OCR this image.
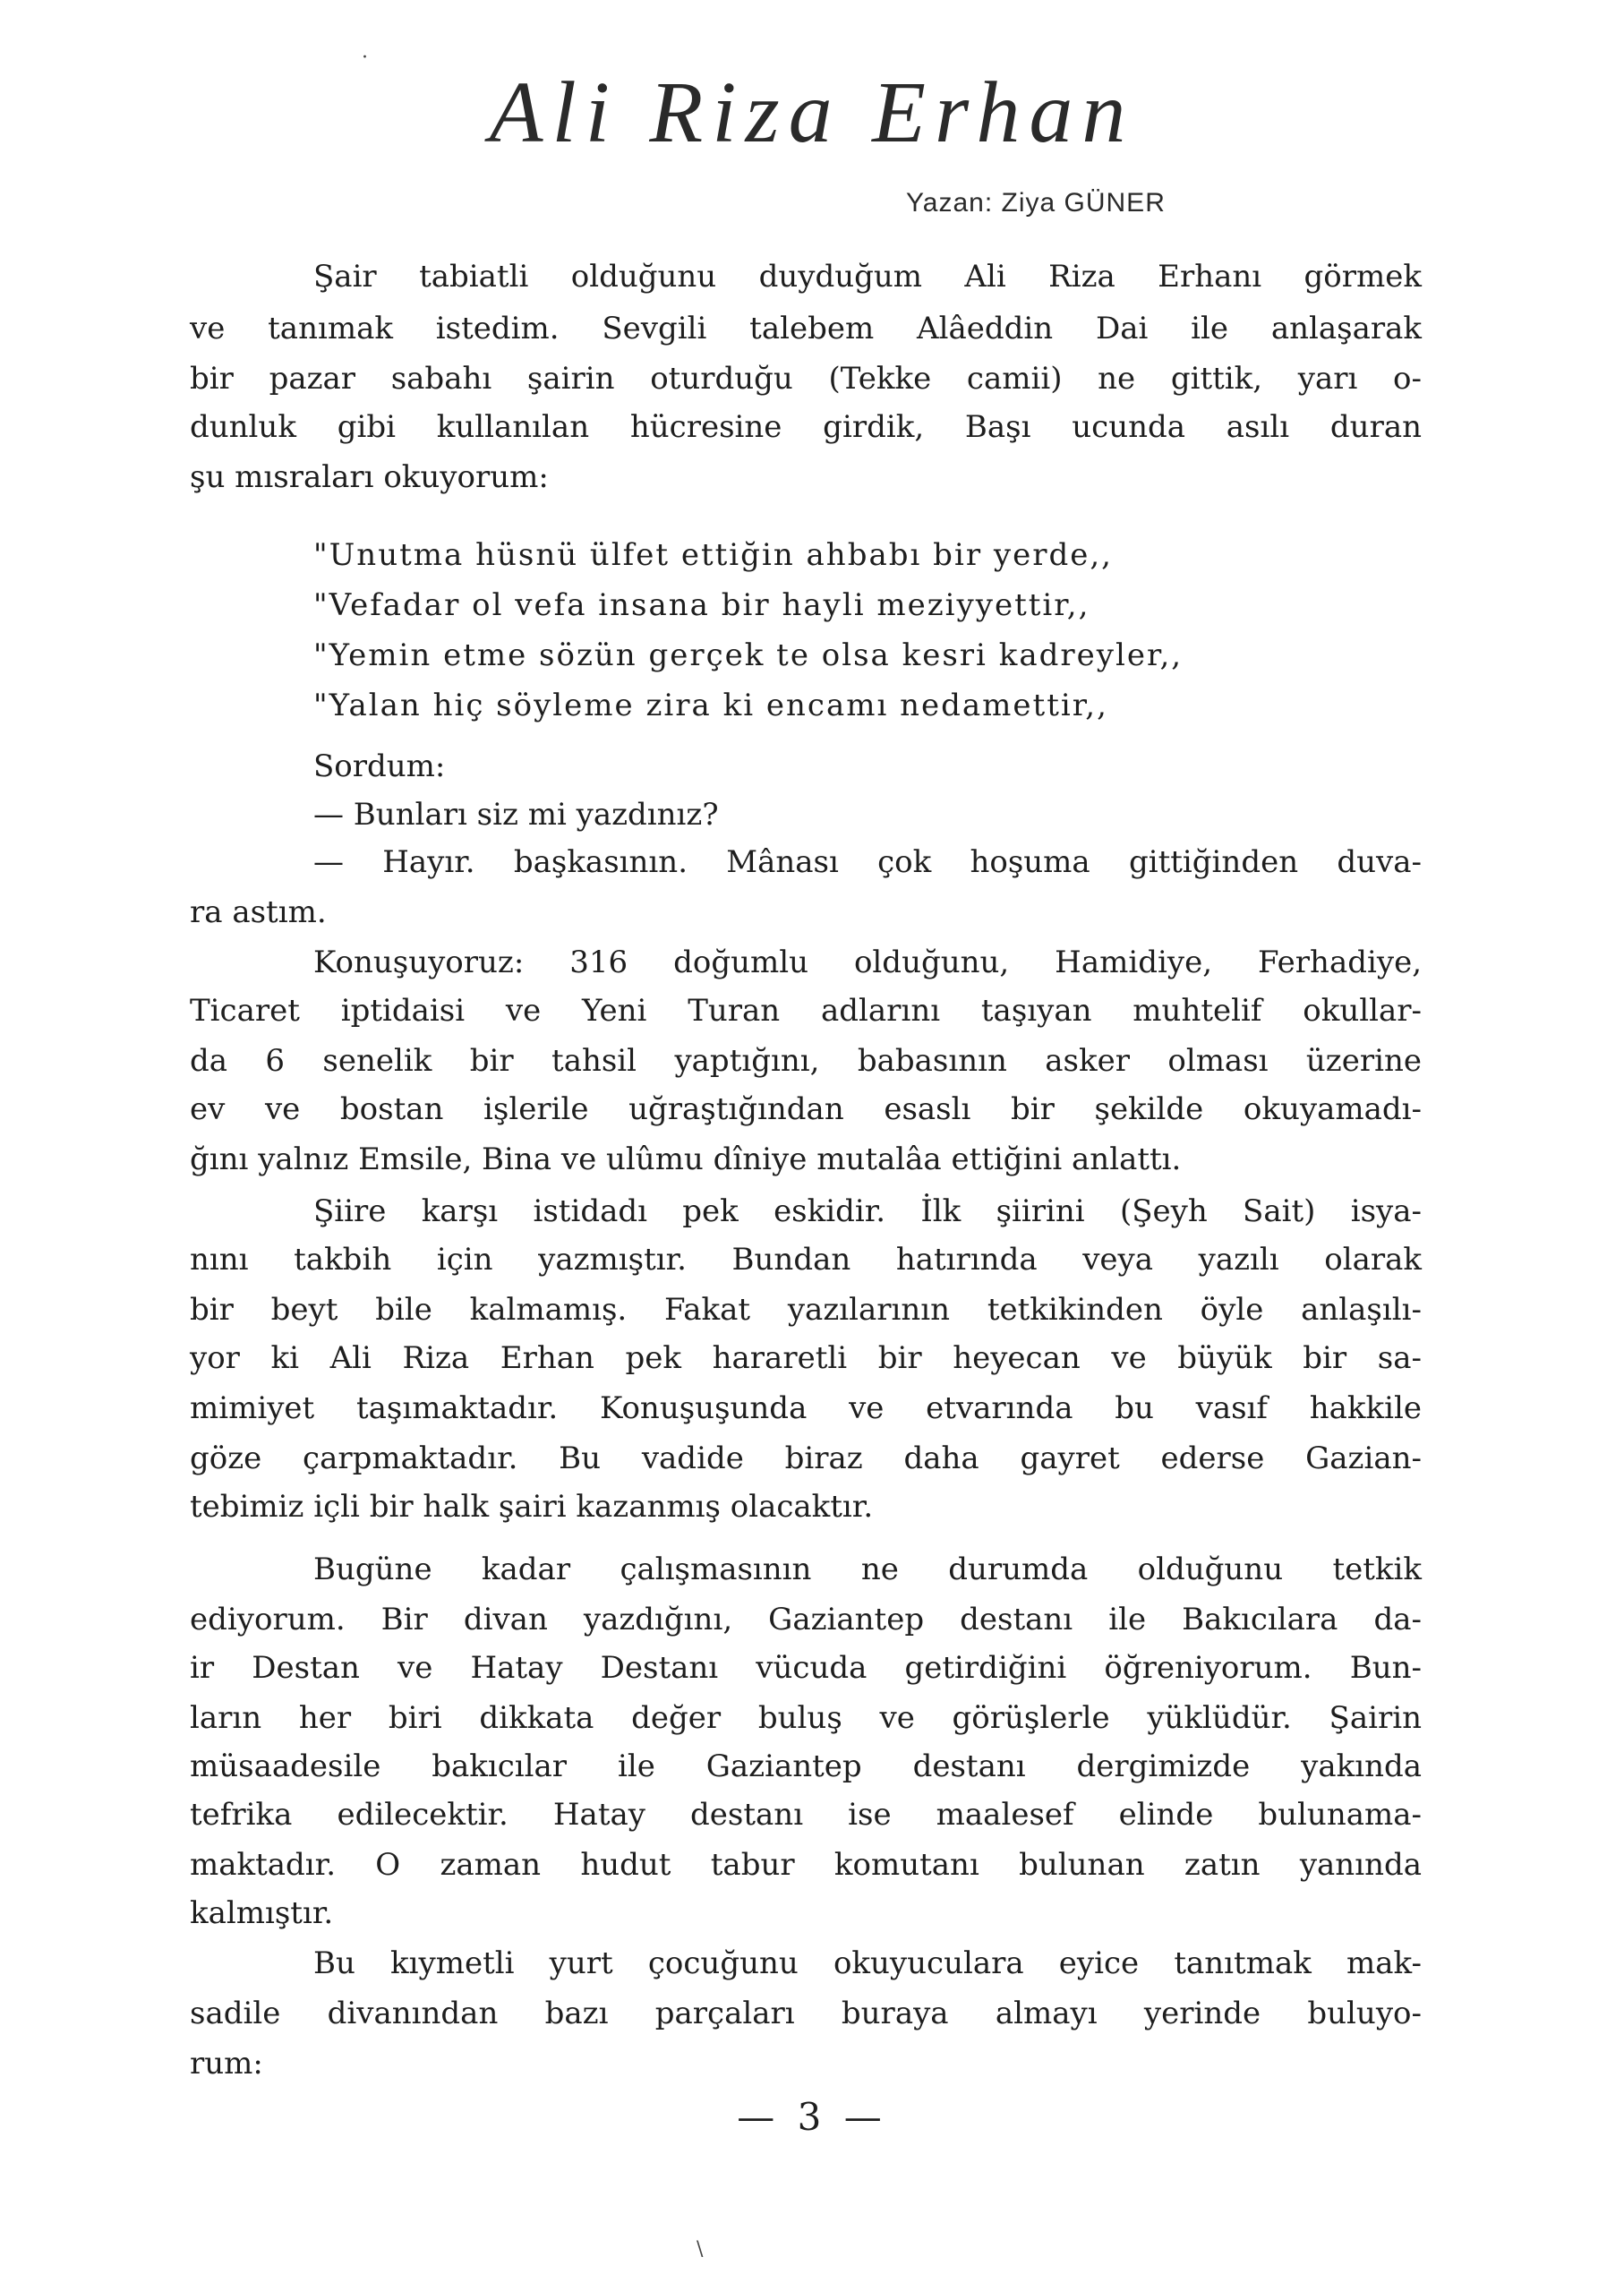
Ali Riza Erhan
Yazan: Ziya GÜNER
Şair tabiatli olduğunu duyduğum Ali Riza Erhanı görmek
ve tanımak istedim. Sevgili talebem Alâeddin Dai ile anlaşarak
bir pazar sabahı şairin oturduğu (Tekke camii) ne gittik, yarı o-
dunluk gibi kullanılan hücresine girdik, Başı ucunda asılı duran
şu mısraları okuyorum:
"Unutma hüsnü ülfet ettiğin ahbabı bir yerde,,
"Vefadar ol vefa insana bir hayli meziyyettir,,
"Yemin etme sözün gerçek te olsa kesri kadreyler,,
"Yalan hiç söyleme zira ki encamı nedamettir,,
Sordum:
— Bunları siz mi yazdınız?
— Hayır. başkasının. Mânası çok hoşuma gittiğinden duva-
ra astım.
Konuşuyoruz: 316 doğumlu olduğunu, Hamidiye, Ferhadiye,
Ticaret iptidaisi ve Yeni Turan adlarını taşıyan muhtelif okullar-
da 6 senelik bir tahsil yaptığını, babasının asker olması üzerine
ev ve bostan işlerile uğraştığından esaslı bir şekilde okuyamadı-
ğını yalnız Emsile, Bina ve ulûmu dîniye mutalâa ettiğini anlattı.
Şiire karşı istidadı pek eskidir. İlk şiirini (Şeyh Sait) isya-
nını takbih için yazmıştır. Bundan hatırında veya yazılı olarak
bir beyt bile kalmamış. Fakat yazılarının tetkikinden öyle anlaşılı-
yor ki Ali Riza Erhan pek hararetli bir heyecan ve büyük bir sa-
mimiyet taşımaktadır. Konuşuşunda ve etvarında bu vasıf hakkile
göze çarpmaktadır. Bu vadide biraz daha gayret ederse Gazian-
tebimiz içli bir halk şairi kazanmış olacaktır.
Bugüne kadar çalışmasının ne durumda olduğunu tetkik
ediyorum. Bir divan yazdığını, Gaziantep destanı ile Bakıcılara da-
ir Destan ve Hatay Destanı vücuda getirdiğini öğreniyorum. Bun-
ların her biri dikkata değer buluş ve görüşlerle yüklüdür. Şairin
müsaadesile bakıcılar ile Gaziantep destanı dergimizde yakında
tefrika edilecektir. Hatay destanı ise maalesef elinde bulunama-
maktadır. O zaman hudut tabur komutanı bulunan zatın yanında
kalmıştır.
Bu kıymetli yurt çocuğunu okuyuculara eyice tanıtmak mak-
sadile divanından bazı parçaları buraya almayı yerinde buluyo-
rum:
— 3 —
·
\
